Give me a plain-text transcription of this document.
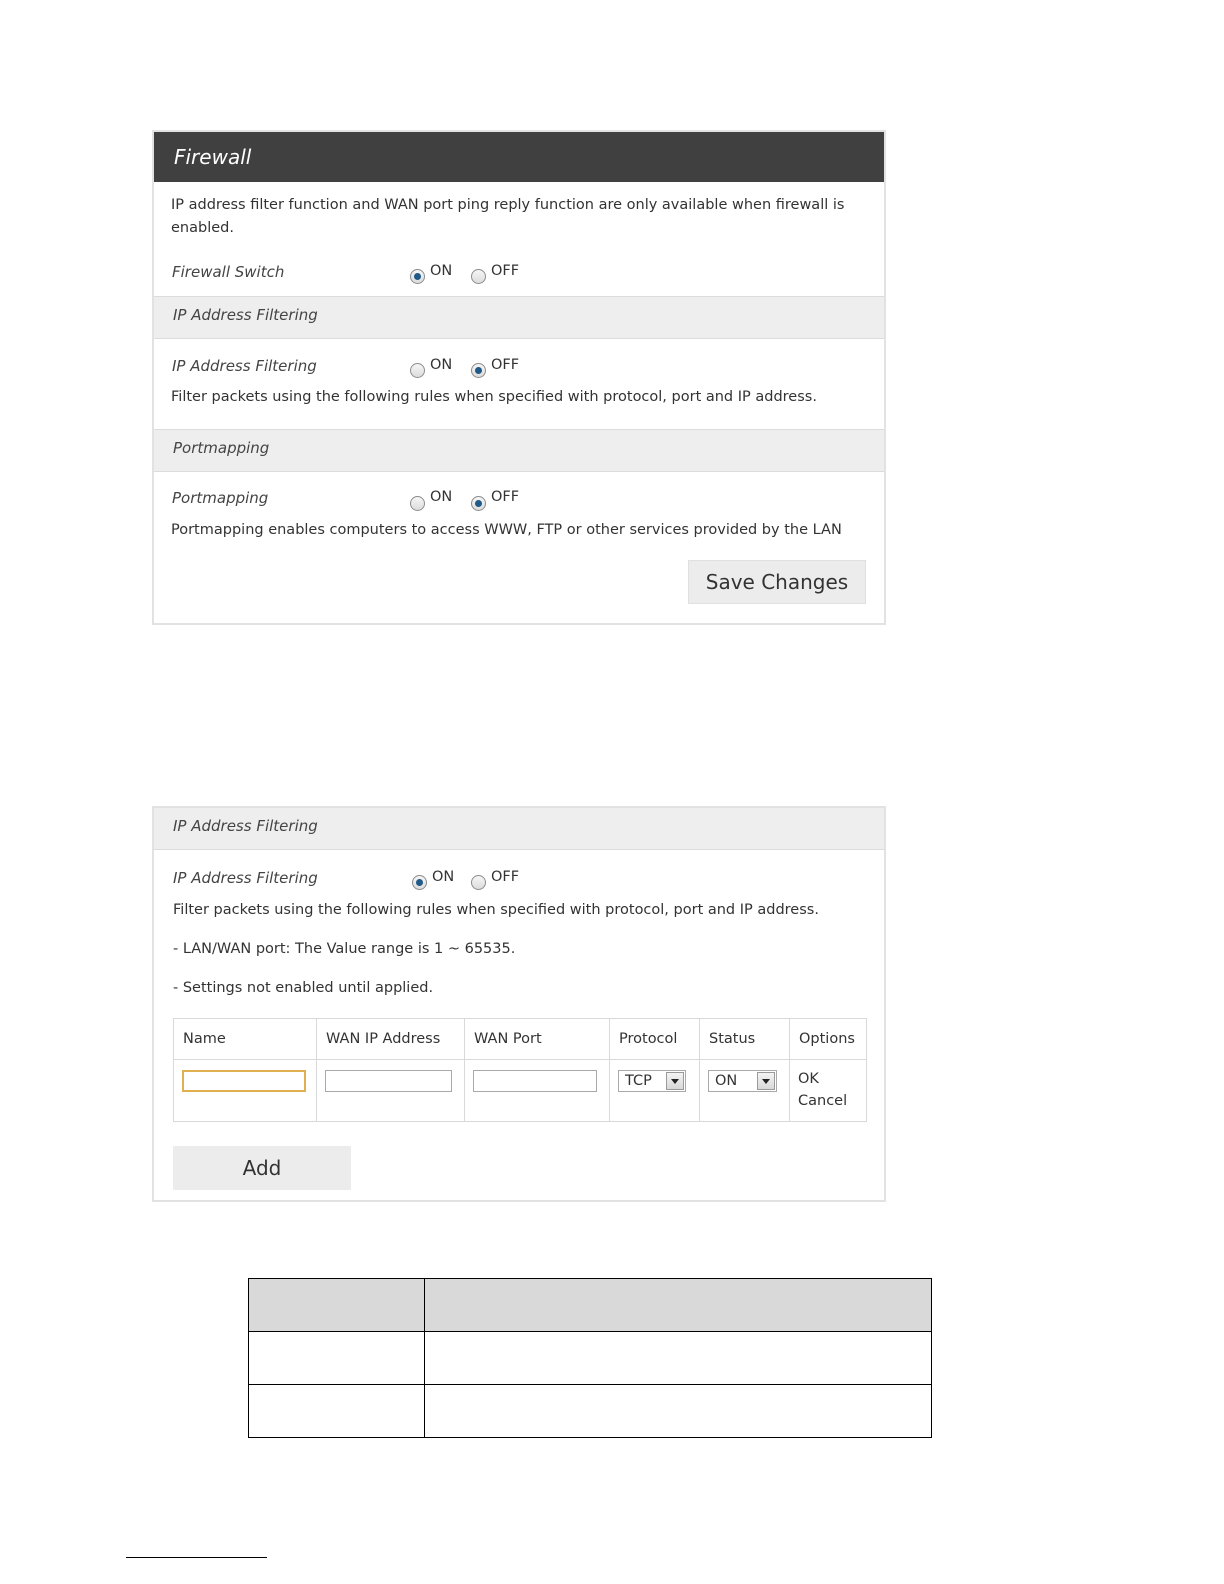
Firewall
IP address filter function and WAN port ping reply function are only available when firewall is enabled.
Firewall Switch	ON	OFF
IP Address Filtering
IP Address Filtering	ON	OFF
Filter packets using the following rules when specified with protocol, port and IP address.
Portmapping
Portmapping	ON	OFF
Portmapping enables computers to access WWW, FTP or other services provided by the LAN
Save Changes
IP Address Filtering
IP Address Filtering	ON	OFF
Filter packets using the following rules when specified with protocol, port and IP address.
- LAN/WAN port: The Value range is 1 ~ 65535.
- Settings not enabled until applied.
Name	WAN IP Address	WAN Port	Protocol	Status	Options
			TCP	ON	OK
Cancel
Add
